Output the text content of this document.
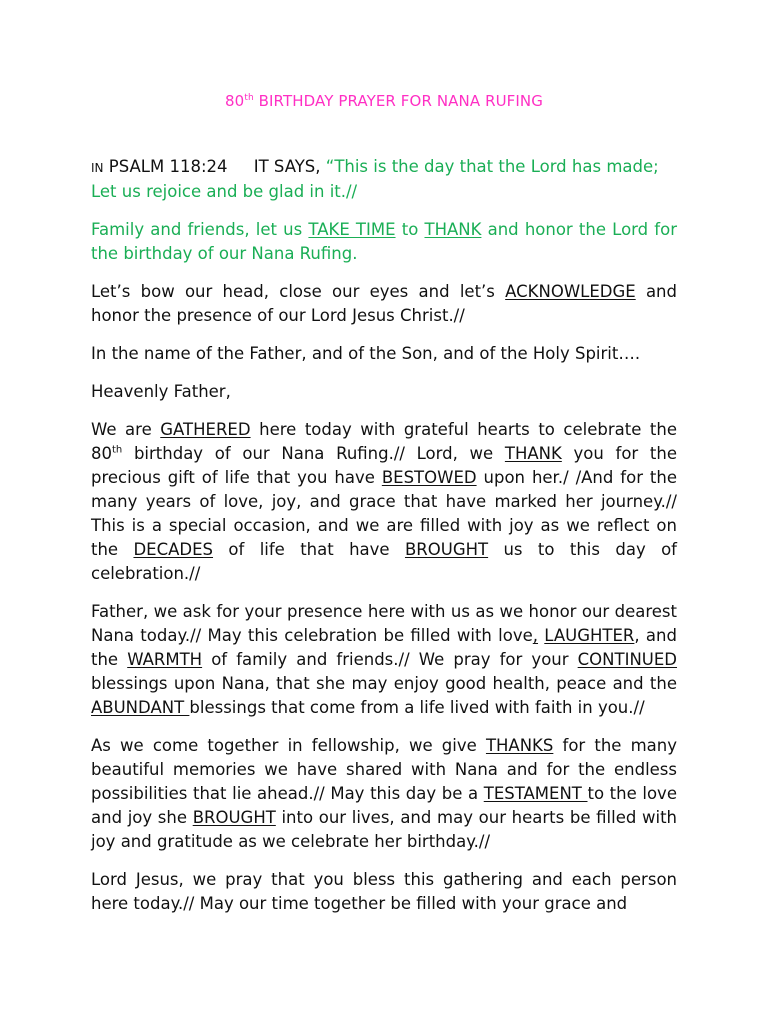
80th BIRTHDAY PRAYER FOR NANA RUFING

IN PSALM 118:24 IT SAYS, “This is the day that the Lord has made; Let us rejoice and be glad in it.//

Family and friends, let us TAKE TIME to THANK and honor the Lord for the birthday of our Nana Rufing.

Let’s bow our head, close our eyes and let’s ACKNOWLEDGE and honor the presence of our Lord Jesus Christ.//

In the name of the Father, and of the Son, and of the Holy Spirit….

Heavenly Father,

We are GATHERED here today with grateful hearts to celebrate the 80th birthday of our Nana Rufing.// Lord, we THANK you for the precious gift of life that you have BESTOWED upon her./ /And for the many years of love, joy, and grace that have marked her journey.// This is a special occasion, and we are filled with joy as we reflect on the DECADES of life that have BROUGHT us to this day of celebration.//

Father, we ask for your presence here with us as we honor our dearest Nana today.// May this celebration be filled with love, LAUGHTER, and the WARMTH of family and friends.// We pray for your CONTINUED blessings upon Nana, that she may enjoy good health, peace and the ABUNDANT blessings that come from a life lived with faith in you.//

As we come together in fellowship, we give THANKS for the many beautiful memories we have shared with Nana and for the endless possibilities that lie ahead.// May this day be a TESTAMENT to the love and joy she BROUGHT into our lives, and may our hearts be filled with joy and gratitude as we celebrate her birthday.//

Lord Jesus, we pray that you bless this gathering and each person here today.// May our time together be filled with your grace and
